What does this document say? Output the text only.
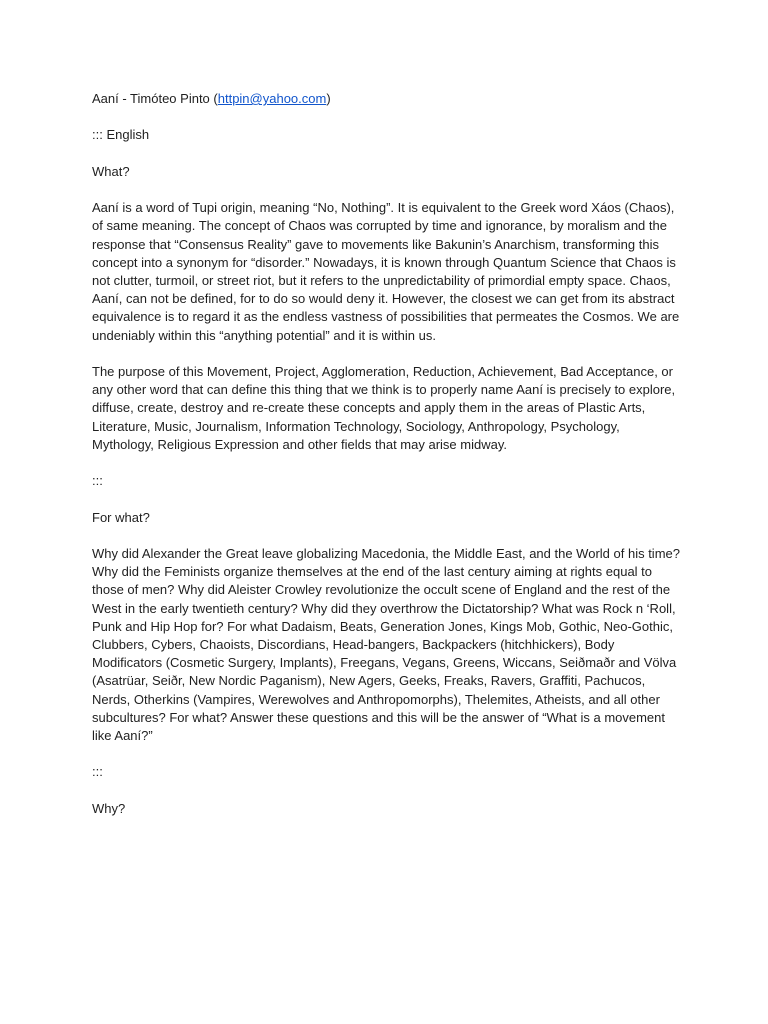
Aaní - Timóteo Pinto (httpin@yahoo.com)

::: English

What?

Aaní is a word of Tupi origin, meaning “No, Nothing”. It is equivalent to the Greek word Xáos (Chaos), of same meaning. The concept of Chaos was corrupted by time and ignorance, by moralism and the response that “Consensus Reality” gave to movements like Bakunin’s Anarchism, transforming this concept into a synonym for “disorder.” Nowadays, it is known through Quantum Science that Chaos is not clutter, turmoil, or street riot, but it refers to the unpredictability of primordial empty space. Chaos, Aaní, can not be defined, for to do so would deny it. However, the closest we can get from its abstract equivalence is to regard it as the endless vastness of possibilities that permeates the Cosmos. We are undeniably within this “anything potential” and it is within us.

The purpose of this Movement, Project, Agglomeration, Reduction, Achievement, Bad Acceptance, or any other word that can define this thing that we think is to properly name Aaní is precisely to explore, diffuse, create, destroy and re-create these concepts and apply them in the areas of Plastic Arts, Literature, Music, Journalism, Information Technology, Sociology, Anthropology, Psychology, Mythology, Religious Expression and other fields that may arise midway.

:::

For what?

Why did Alexander the Great leave globalizing Macedonia, the Middle East, and the World of his time? Why did the Feminists organize themselves at the end of the last century aiming at rights equal to those of men? Why did Aleister Crowley revolutionize the occult scene of England and the rest of the West in the early twentieth century? Why did they overthrow the Dictatorship? What was Rock n ‘Roll, Punk and Hip Hop for? For what Dadaism, Beats, Generation Jones, Kings Mob, Gothic, Neo-Gothic, Clubbers, Cybers, Chaoists, Discordians, Head-bangers, Backpackers (hitchhickers), Body Modificators (Cosmetic Surgery, Implants), Freegans, Vegans, Greens, Wiccans, Seiðmaðr and Völva (Asatrüar, Seiðr, New Nordic Paganism), New Agers, Geeks, Freaks, Ravers, Graffiti, Pachucos, Nerds, Otherkins (Vampires, Werewolves and Anthropomorphs), Thelemites, Atheists, and all other subcultures? For what? Answer these questions and this will be the answer of “What is a movement like Aaní?”

:::

Why?
